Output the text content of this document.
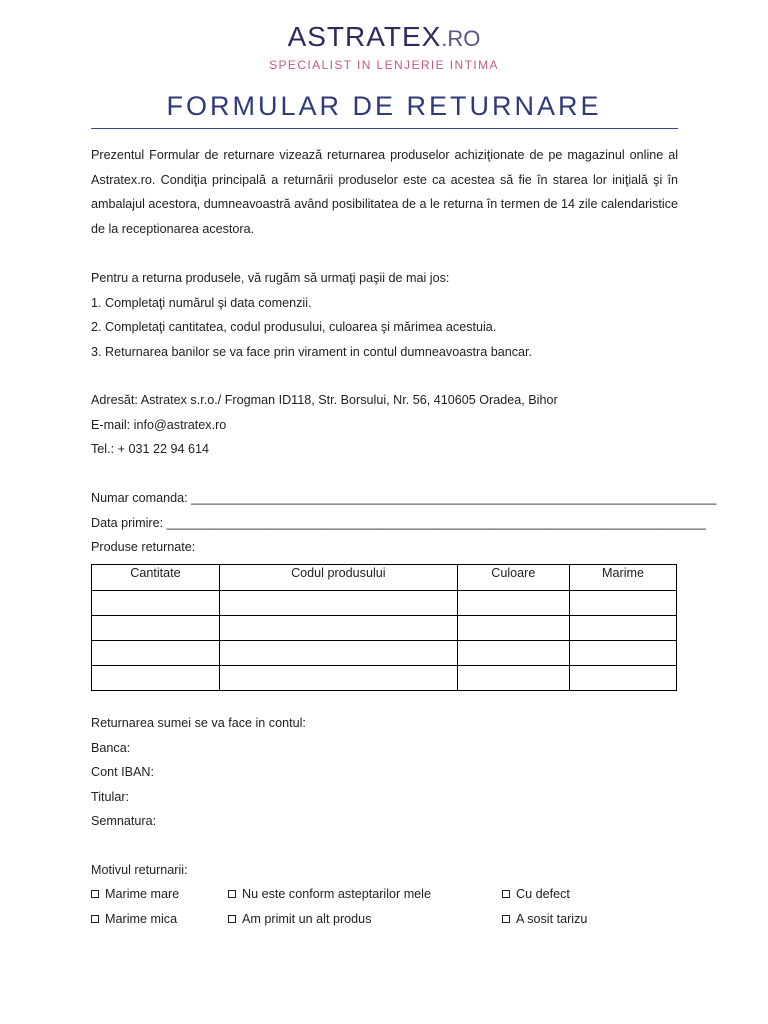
ASTRATEX.RO
SPECIALIST IN LENJERIE INTIMA
FORMULAR DE RETURNARE
Prezentul Formular de returnare vizează returnarea produselor achiziţionate de pe magazinul online al Astratex.ro. Condiţia principală a returnării produselor este ca acestea să fie în starea lor iniţială şi în ambalajul acestora, dumneavoastră având posibilitatea de a le returna în termen de 14 zile calendaristice de la receptionarea acestora.
Pentru a returna produsele, vă rugăm să urmaţi paşii de mai jos:
1. Completaţi numărul şi data comenzii.
2. Completaţi cantitatea, codul produsului, culoarea şi mărimea acestuia.
3. Returnarea banilor se va face prin virament in contul dumneavoastra bancar.
Adresăt: Astratex s.r.o./ Frogman ID118, Str. Borsului, Nr. 56, 410605 Oradea, Bihor
E-mail: info@astratex.ro
Tel.: + 031 22 94 614
Numar comanda: ___________________________________________________________________________
Data primire: _____________________________________________________________________________
Produse returnate:
Cantitate	Codul produsului	Culoare	Marime

Returnarea sumei se va face in contul:
Banca:
Cont IBAN:
Titular:
Semnatura:
Motivul returnarii:
Marime mare	Nu este conform asteptarilor mele	Cu defect
Marime mica	Am primit un alt produs	A sosit tarizu
